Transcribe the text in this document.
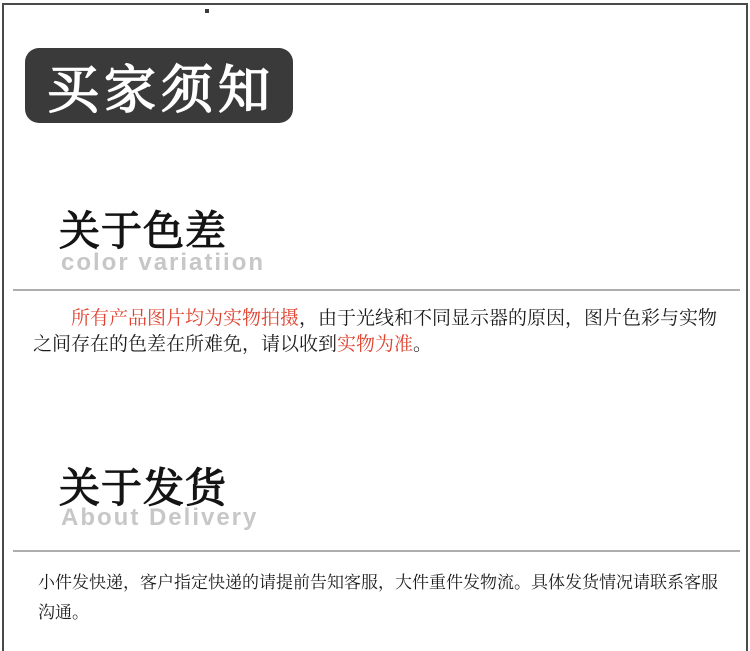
买家须知
关于色差
color variatiion
所有产品图片均为实物拍摄，由于光线和不同显示器的原因，图片色彩与实物
之间存在的色差在所难免，请以收到实物为准。
关于发货
About Delivery
小件发快递，客户指定快递的请提前告知客服，大件重件发物流。具体发货情况请联系客服
沟通。
